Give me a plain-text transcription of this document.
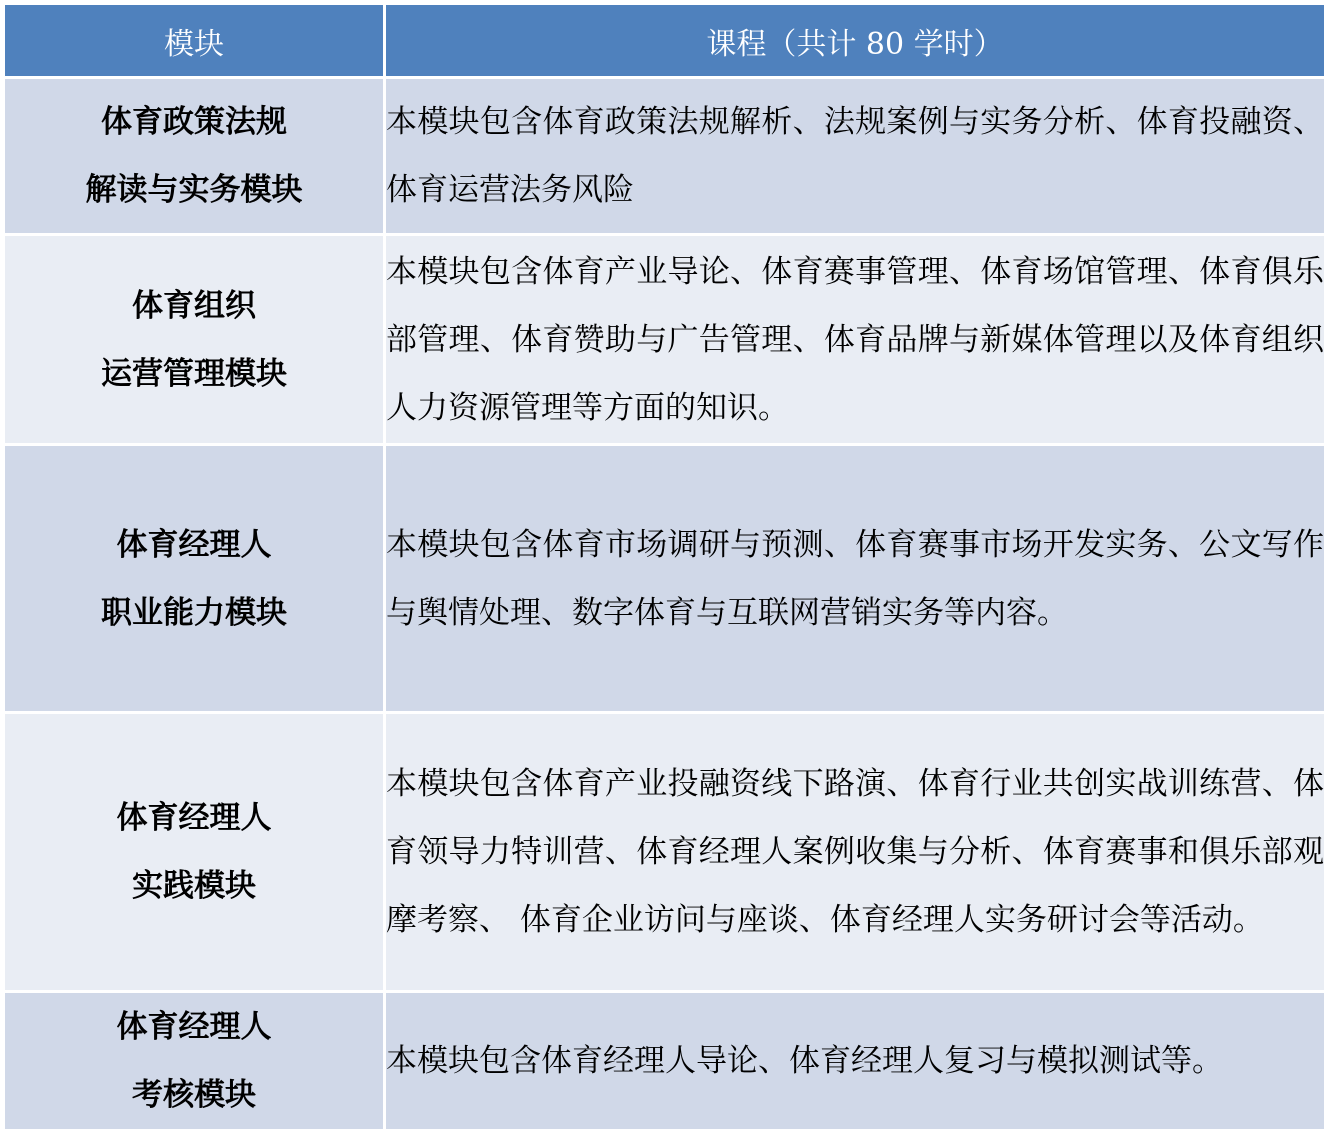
模块	课程（共计 80 学时）

体育政策法规
解读与实务模块	本模块包含体育政策法规解析、法规案例与实务分析、体育投融资、体育运营法务风险

体育组织
运营管理模块	本模块包含体育产业导论、体育赛事管理、体育场馆管理、体育俱乐部管理、体育赞助与广告管理、体育品牌与新媒体管理以及体育组织人力资源管理等方面的知识。

体育经理人
职业能力模块	本模块包含体育市场调研与预测、体育赛事市场开发实务、公文写作与舆情处理、数字体育与互联网营销实务等内容。

体育经理人
实践模块	本模块包含体育产业投融资线下路演、体育行业共创实战训练营、体育领导力特训营、体育经理人案例收集与分析、体育赛事和俱乐部观摩考察、 体育企业访问与座谈、体育经理人实务研讨会等活动。

体育经理人
考核模块	本模块包含体育经理人导论、体育经理人复习与模拟测试等。
